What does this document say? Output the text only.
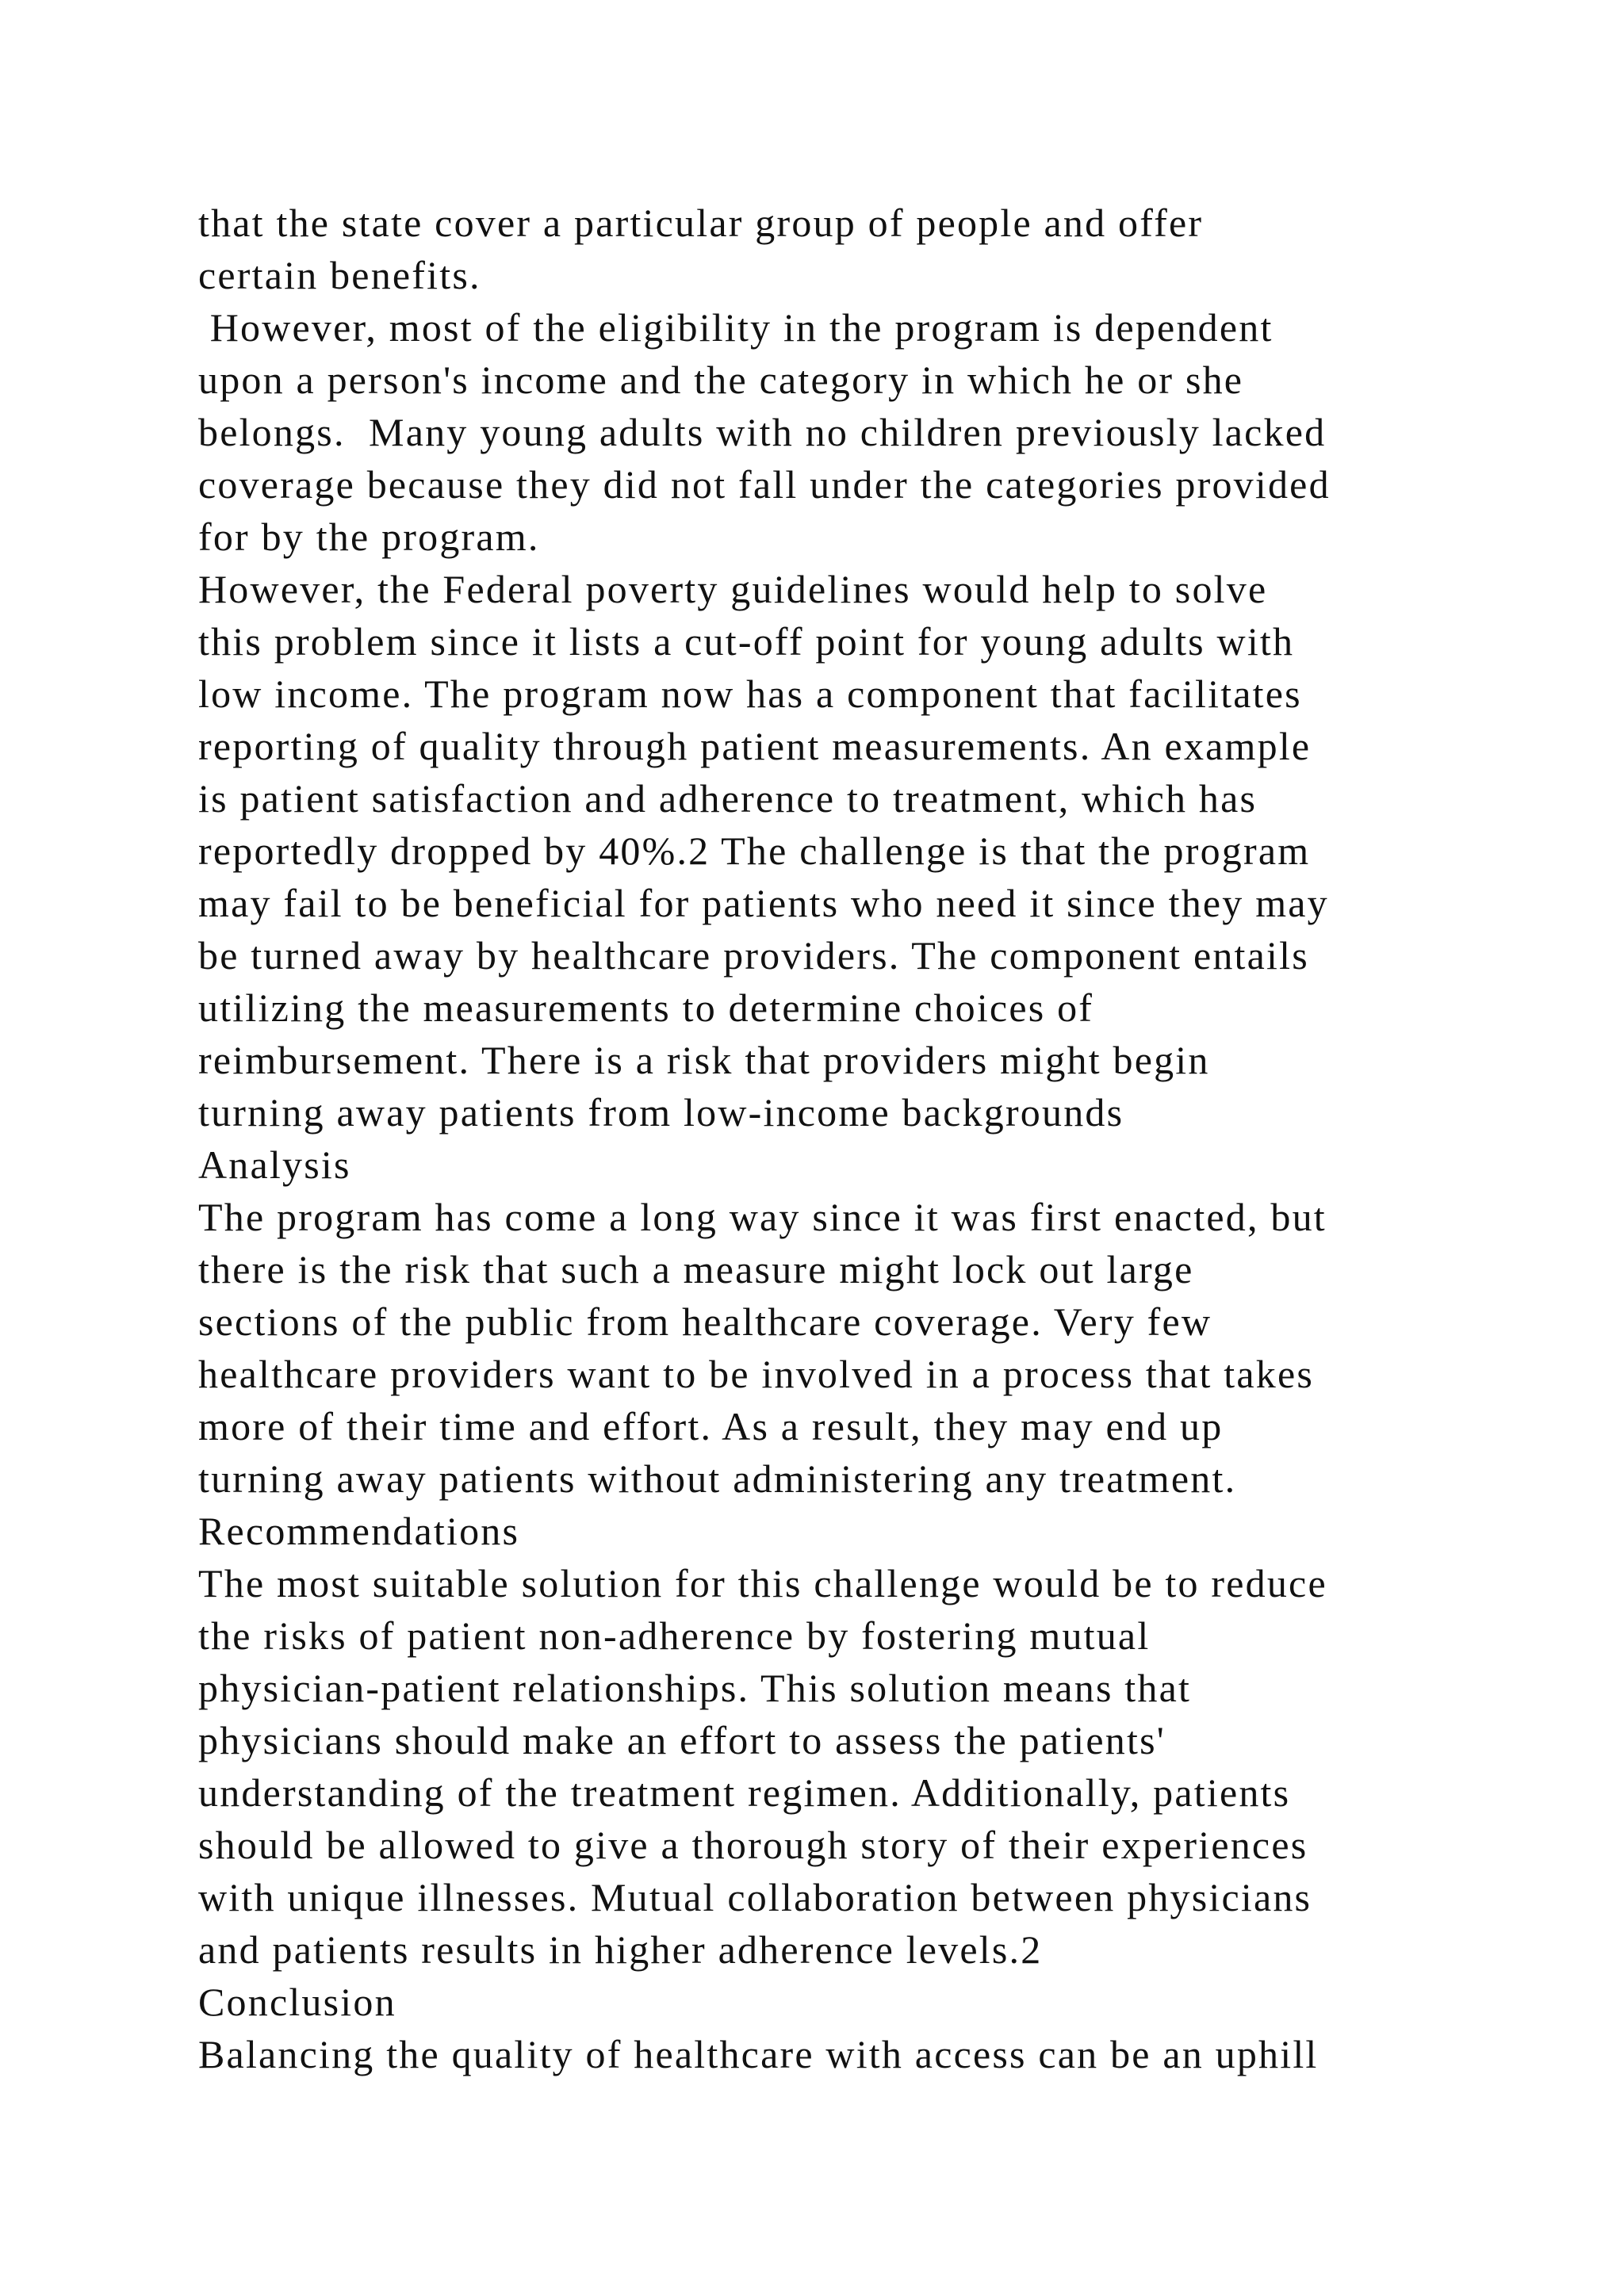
that the state cover a particular group of people and offer
certain benefits.
However, most of the eligibility in the program is dependent
upon a person's income and the category in which he or she
belongs.  Many young adults with no children previously lacked
coverage because they did not fall under the categories provided
for by the program.
However, the Federal poverty guidelines would help to solve
this problem since it lists a cut-off point for young adults with
low income. The program now has a component that facilitates
reporting of quality through patient measurements. An example
is patient satisfaction and adherence to treatment, which has
reportedly dropped by 40%.2 The challenge is that the program
may fail to be beneficial for patients who need it since they may
be turned away by healthcare providers. The component entails
utilizing the measurements to determine choices of
reimbursement. There is a risk that providers might begin
turning away patients from low-income backgrounds
Analysis
The program has come a long way since it was first enacted, but
there is the risk that such a measure might lock out large
sections of the public from healthcare coverage. Very few
healthcare providers want to be involved in a process that takes
more of their time and effort. As a result, they may end up
turning away patients without administering any treatment.
Recommendations
The most suitable solution for this challenge would be to reduce
the risks of patient non-adherence by fostering mutual
physician-patient relationships. This solution means that
physicians should make an effort to assess the patients'
understanding of the treatment regimen. Additionally, patients
should be allowed to give a thorough story of their experiences
with unique illnesses. Mutual collaboration between physicians
and patients results in higher adherence levels.2
Conclusion
Balancing the quality of healthcare with access can be an uphill
